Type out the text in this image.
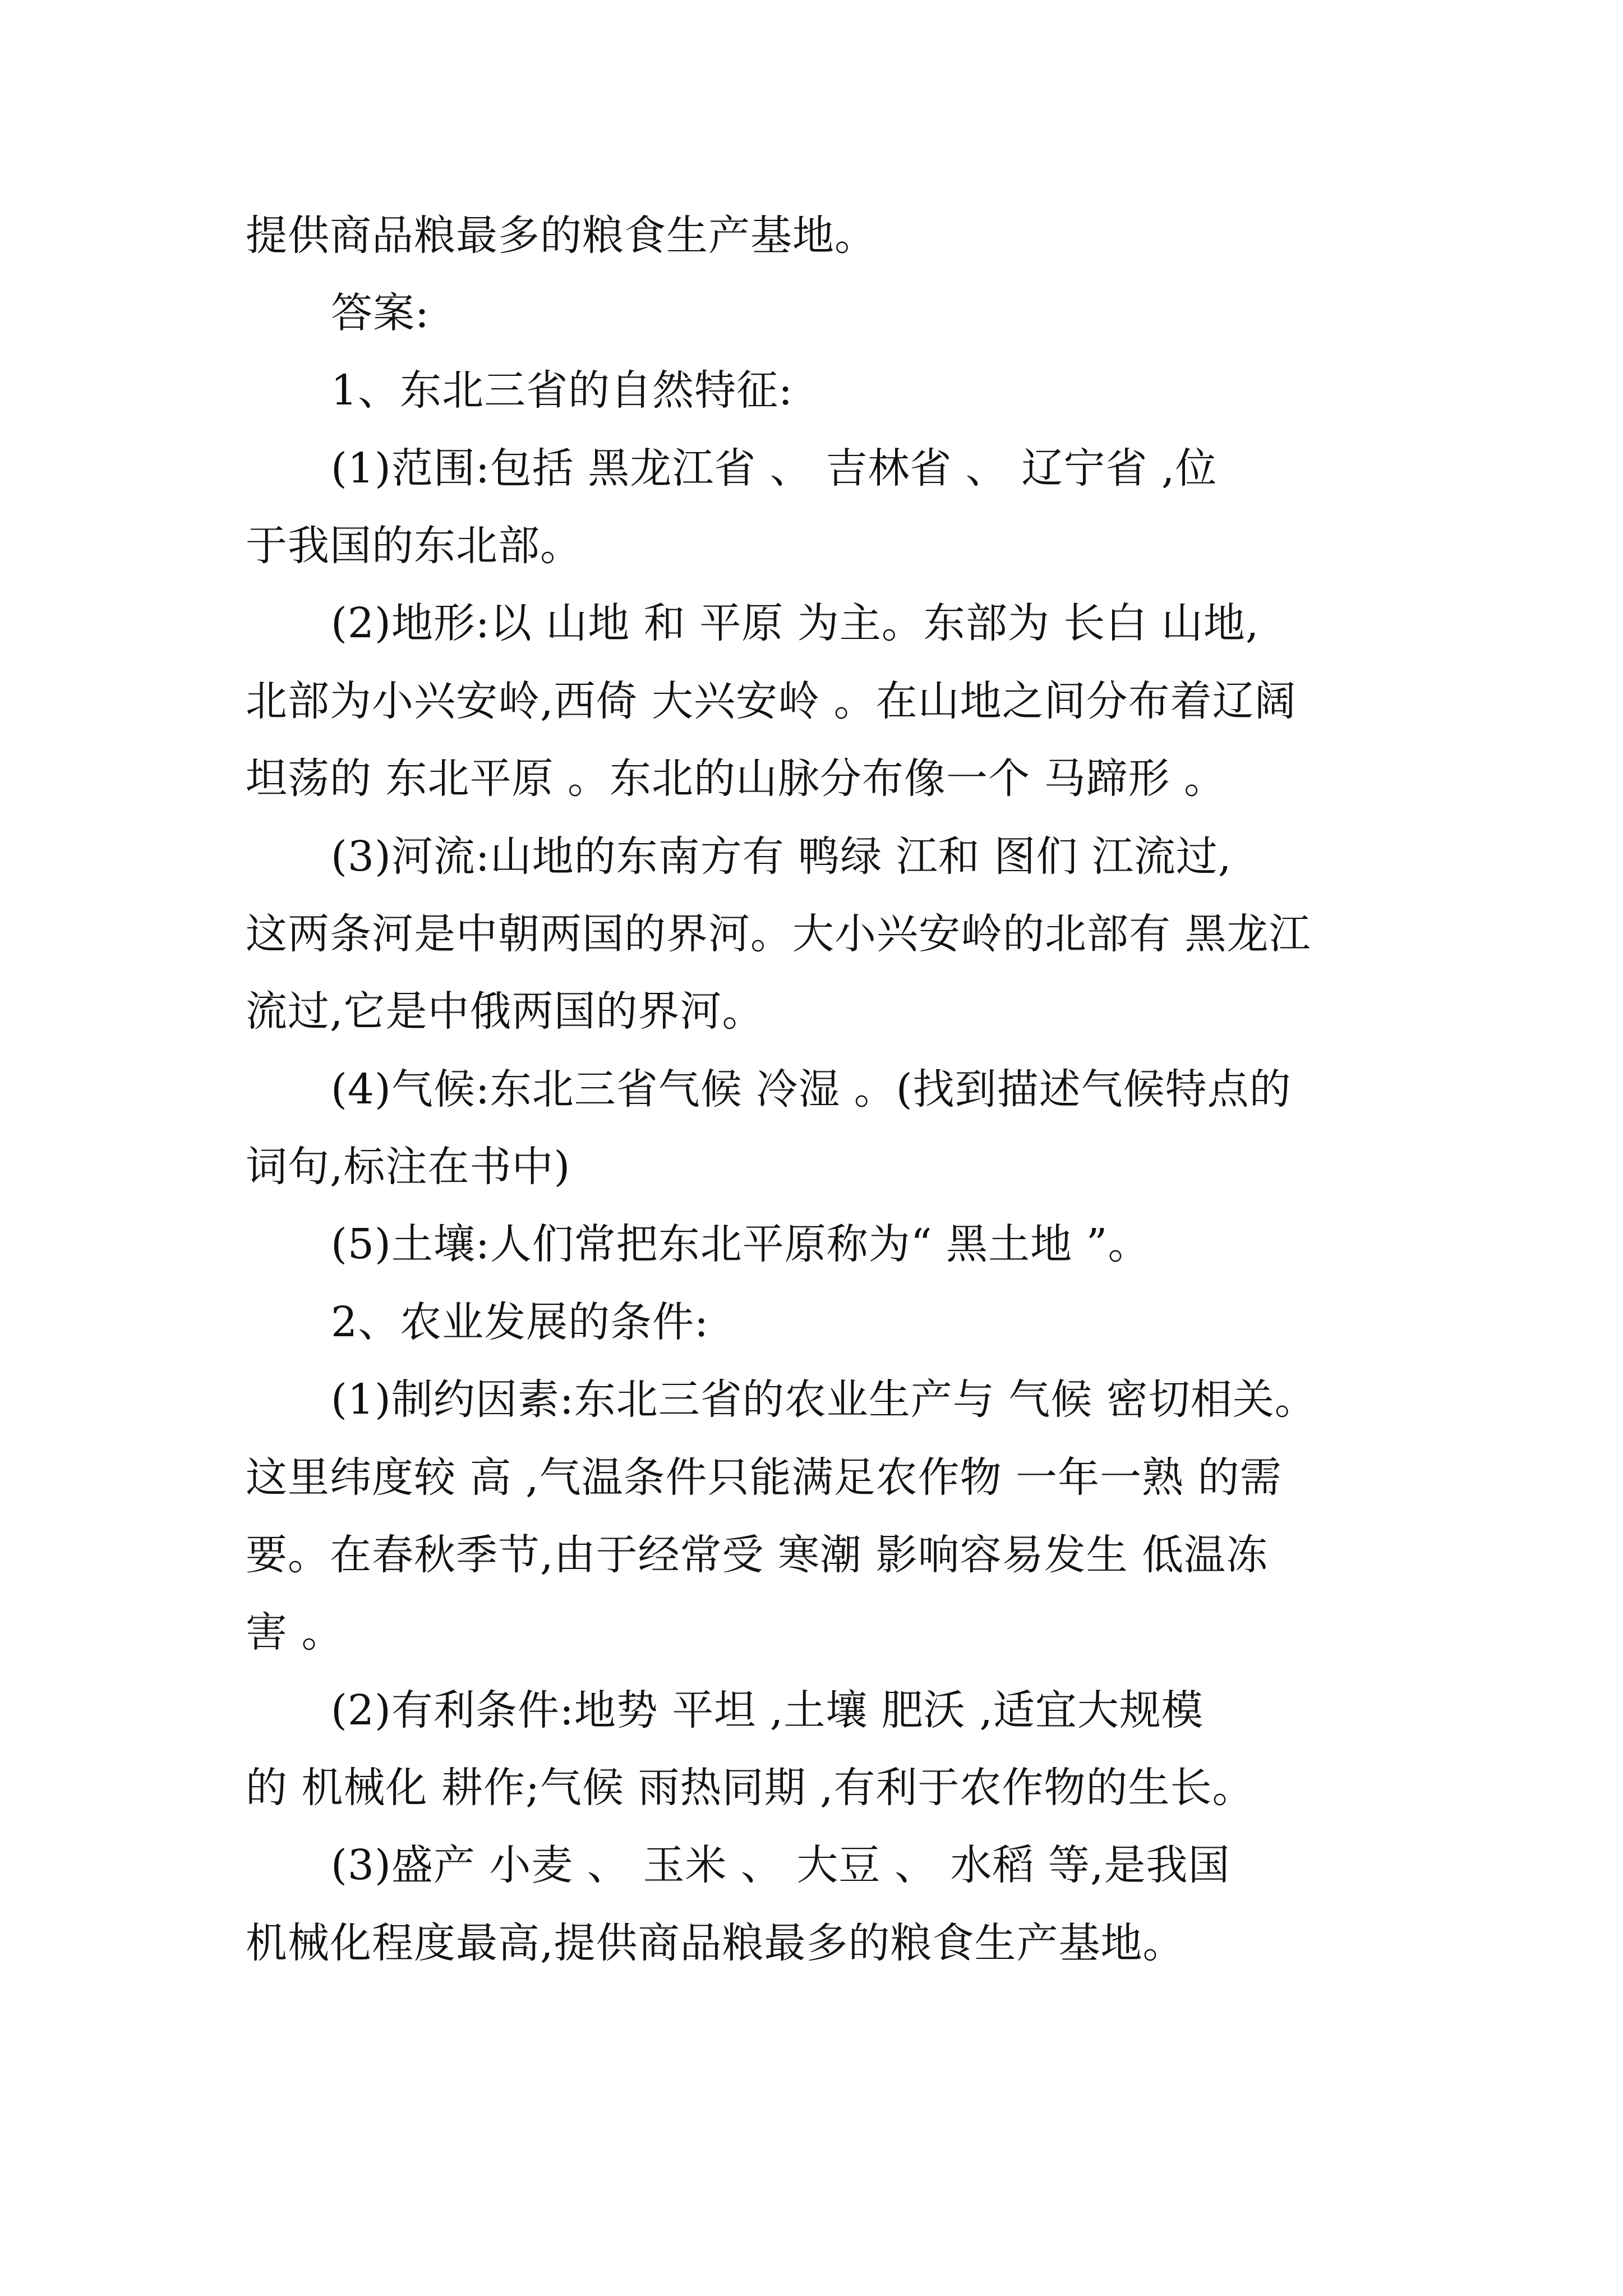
提供商品粮最多的粮食生产基地。
答案:
1、东北三省的自然特征:
(1)范围:包括 黑龙江省 、 吉林省 、 辽宁省 ,位
于我国的东北部。
(2)地形:以 山地 和 平原 为主。东部为 长白 山地,
北部为小兴安岭,西倚 大兴安岭 。在山地之间分布着辽阔
坦荡的 东北平原 。东北的山脉分布像一个 马蹄形 。
(3)河流:山地的东南方有 鸭绿 江和 图们 江流过,
这两条河是中朝两国的界河。大小兴安岭的北部有 黑龙江
流过,它是中俄两国的界河。
(4)气候:东北三省气候 冷湿 。(找到描述气候特点的
词句,标注在书中)
(5)土壤:人们常把东北平原称为“ 黑土地 ”。
2、农业发展的条件:
(1)制约因素:东北三省的农业生产与 气候 密切相关。
这里纬度较 高 ,气温条件只能满足农作物 一年一熟 的需
要。在春秋季节,由于经常受 寒潮 影响容易发生 低温冻
害 。
(2)有利条件:地势 平坦 ,土壤 肥沃 ,适宜大规模
的 机械化 耕作;气候 雨热同期 ,有利于农作物的生长。
(3)盛产 小麦 、 玉米 、 大豆 、 水稻 等,是我国
机械化程度最高,提供商品粮最多的粮食生产基地。
